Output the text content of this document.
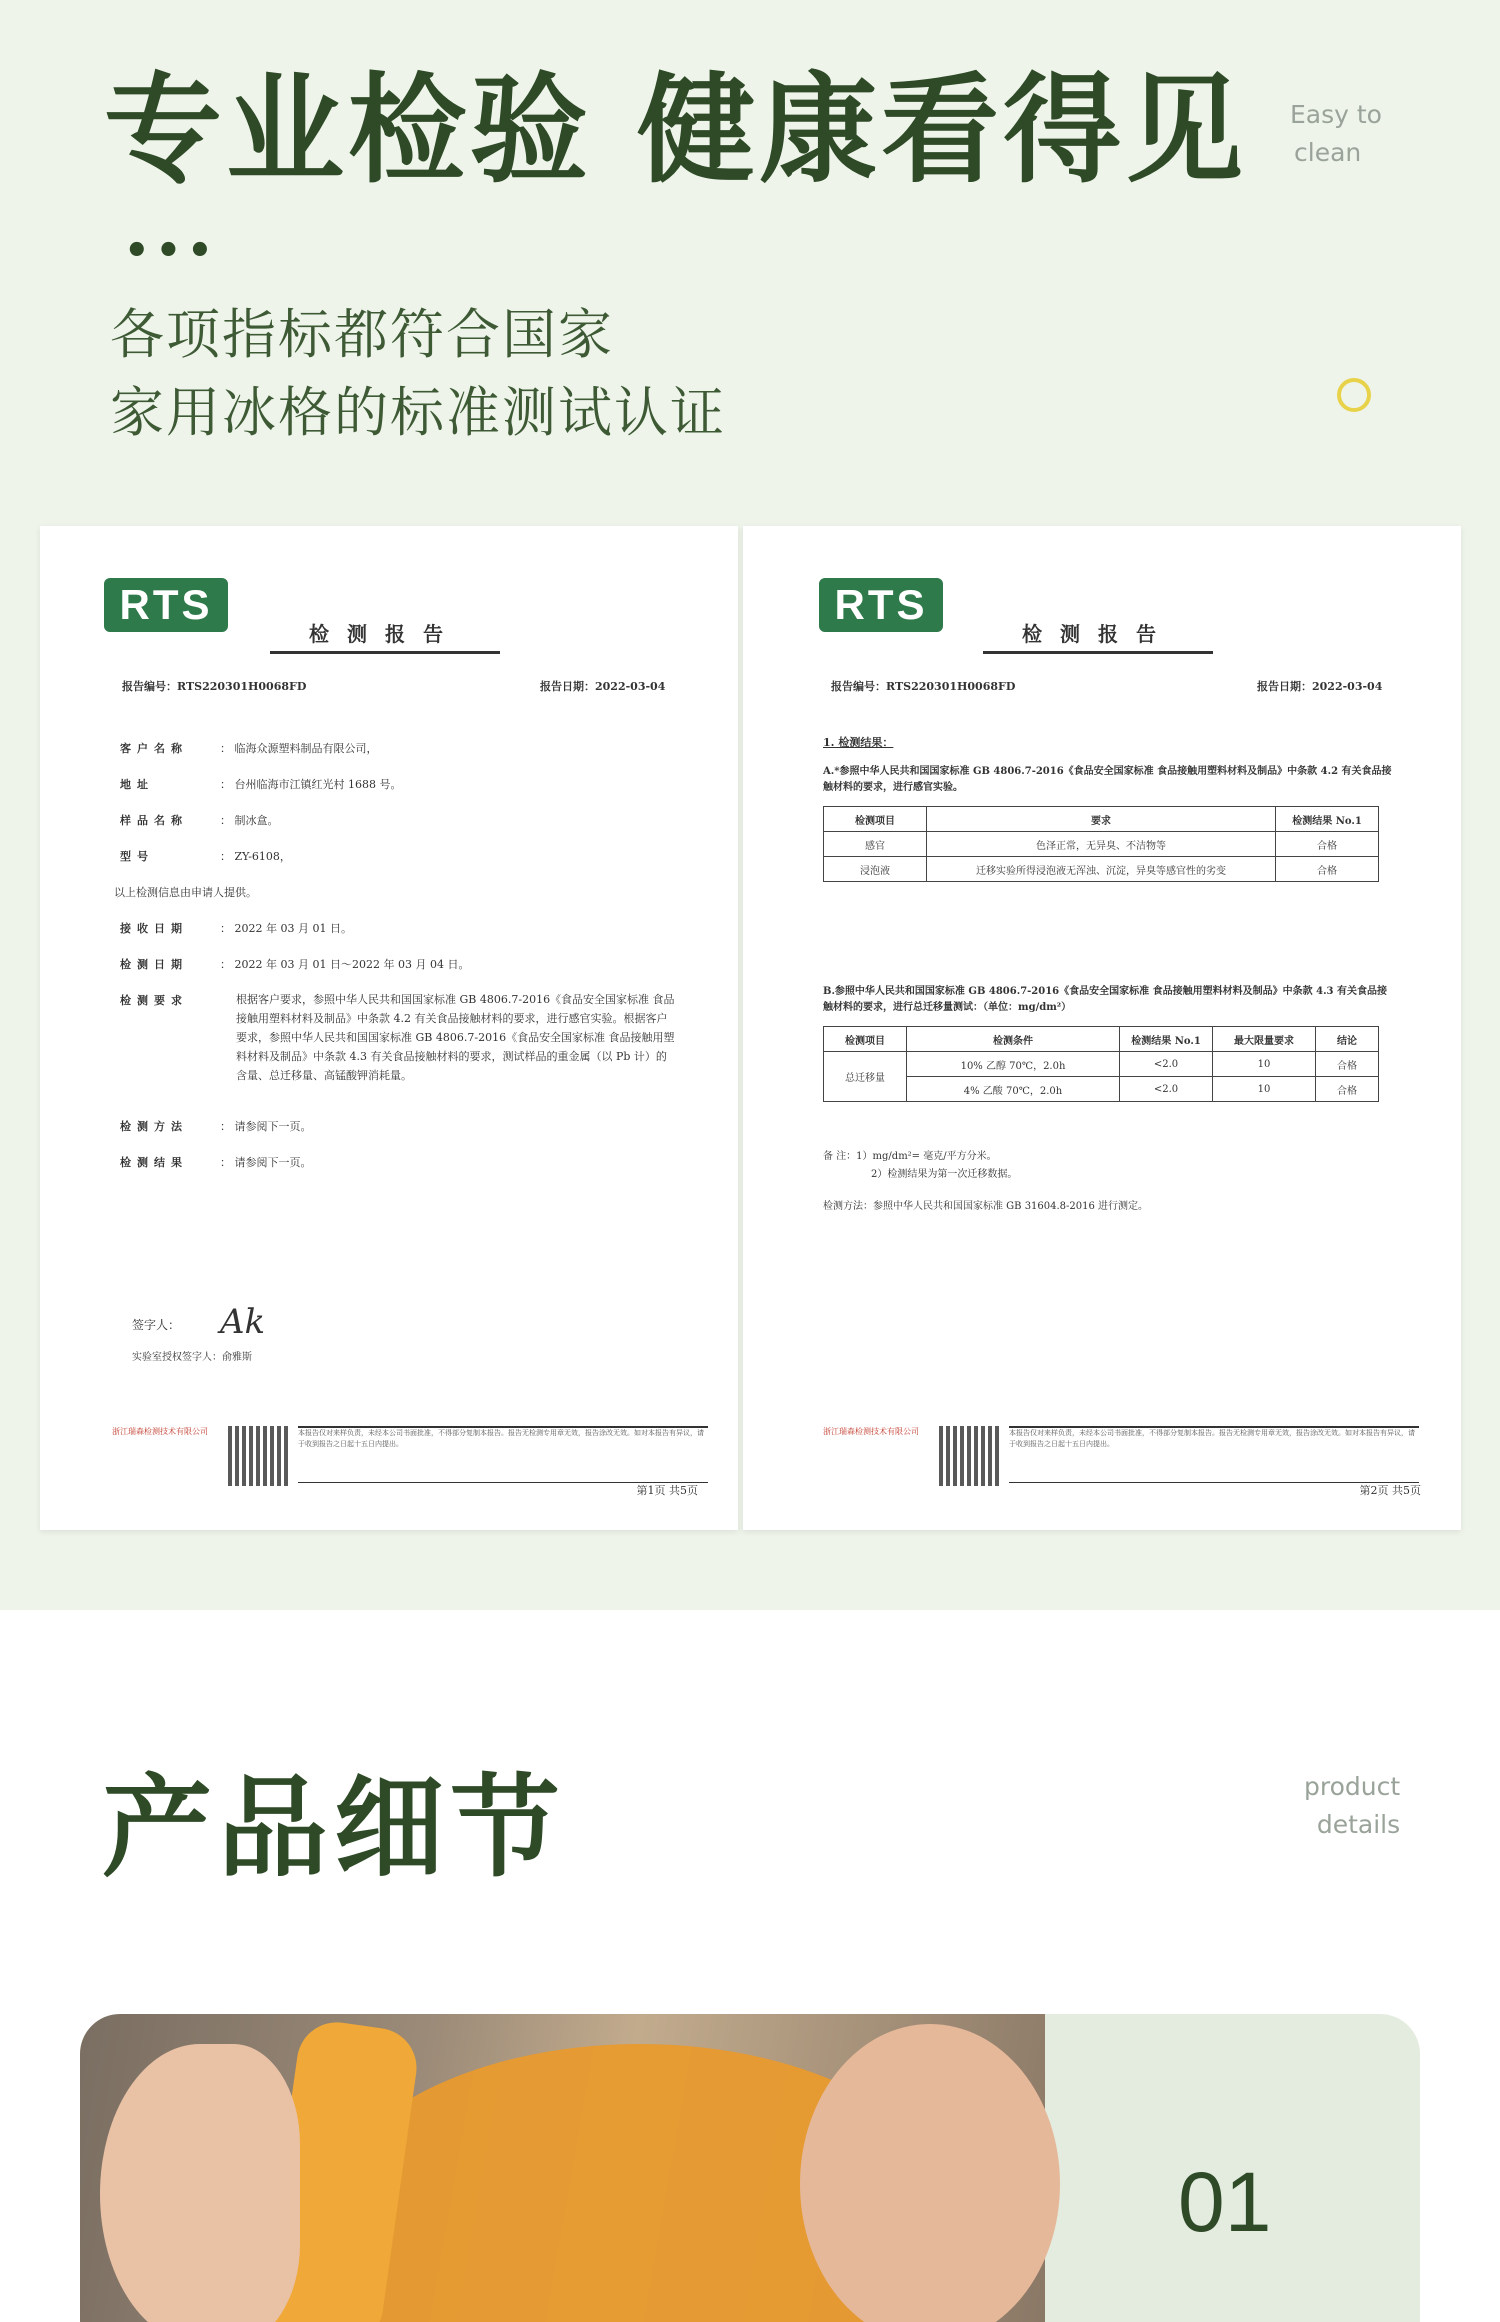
专业检验 健康看得见 Easy to
clean
•••
各项指标都符合国家
家用冰格的标准测试认证
RTS
检测报告
报告编号：RTS220301H0068FD	报告日期：2022-03-04
客户名称	： 临海众源塑料制品有限公司，
地址	： 台州临海市江镇红光村 1688 号。
样品名称	： 制冰盒。
型号	： ZY-6108，
以上检测信息由申请人提供。
接收日期	： 2022 年 03 月 01 日。
检测日期	： 2022 年 03 月 01 日～2022 年 03 月 04 日。
检测要求	根据客户要求，参照中华人民共和国国家标准 GB 4806.7-2016《食品安全国家标准 食品接触用塑料材料及制品》中条款 4.2 有关食品接触材料的要求，进行感官实验。根据客户要求，参照中华人民共和国国家标准 GB 4806.7-2016《食品安全国家标准 食品接触用塑料材料及制品》中条款 4.3 有关食品接触材料的要求，测试样品的重金属（以 Pb 计）的含量、总迁移量、高锰酸钾消耗量。
检测方法	： 请参阅下一页。
检测结果	： 请参阅下一页。
签字人： Ak
实验室授权签字人：俞雅斯
浙江瑞森检测技术有限公司	本报告仅对来样负责，未经本公司书面批准，不得部分复制本报告。报告无检测专用章无效，报告涂改无效。如对本报告有异议，请于收到报告之日起十五日内提出。
第1页 共5页
RTS
检测报告
报告编号：RTS220301H0068FD	报告日期：2022-03-04
1. 检测结果：
A.*参照中华人民共和国国家标准 GB 4806.7-2016《食品安全国家标准 食品接触用塑料材料及制品》中条款 4.2 有关食品接触材料的要求，进行感官实验。
检测项目	要求	检测结果 No.1
感官	色泽正常，无异臭、不洁物等	合格
浸泡液	迁移实验所得浸泡液无浑浊、沉淀，异臭等感官性的劣变	合格
B.参照中华人民共和国国家标准 GB 4806.7-2016《食品安全国家标准 食品接触用塑料材料及制品》中条款 4.3 有关食品接触材料的要求，进行总迁移量测试：（单位：mg/dm²）
检测项目	检测条件	检测结果 No.1	最大限量要求	结论
总迁移量	10% 乙醇 70℃，2.0h	<2.0	10	合格
	4% 乙酸 70℃，2.0h	<2.0	10	合格
备 注：1）mg/dm²= 毫克/平方分米。
2）检测结果为第一次迁移数据。
检测方法：参照中华人民共和国国家标准 GB 31604.8-2016 进行测定。
浙江瑞森检测技术有限公司	本报告仅对来样负责，未经本公司书面批准，不得部分复制本报告。报告无检测专用章无效，报告涂改无效。如对本报告有异议，请于收到报告之日起十五日内提出。
第2页 共5页
产品细节	product
details
01
